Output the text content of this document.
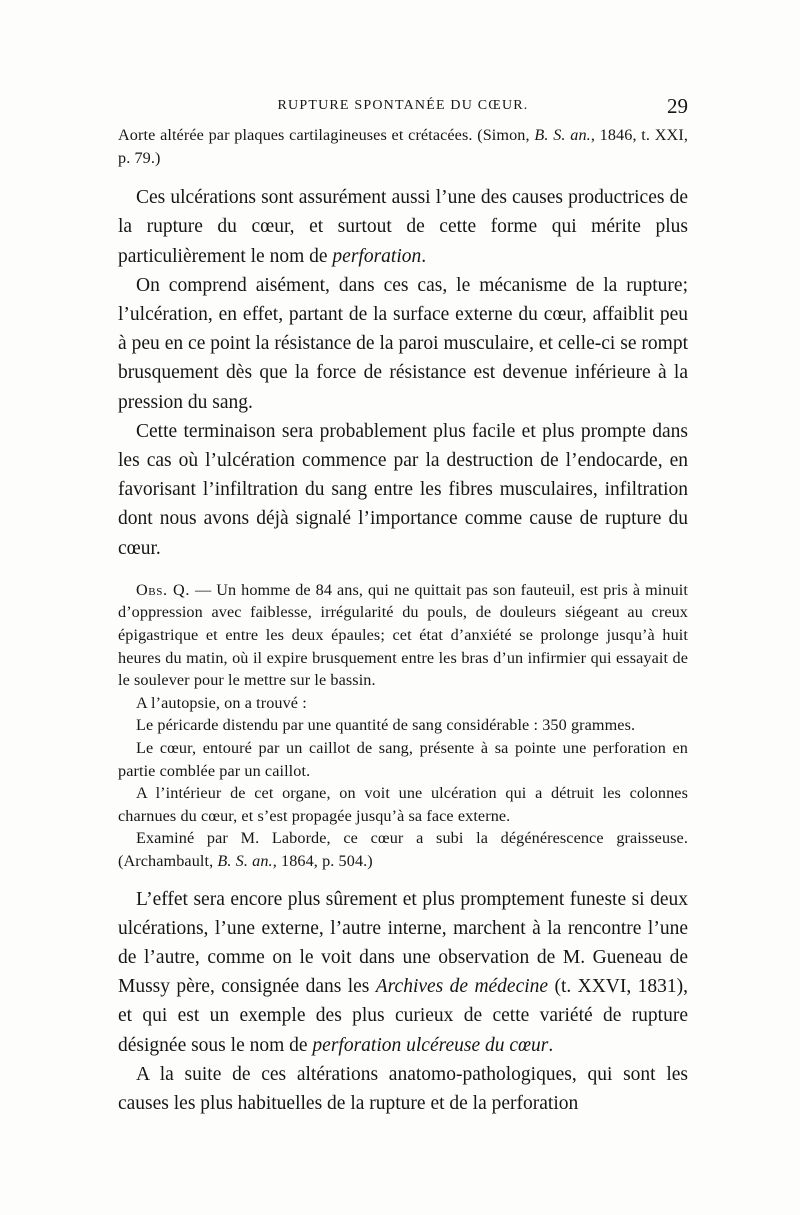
RUPTURE SPONTANÉE DU CŒUR.	29

Aorte altérée par plaques cartilagineuses et crétacées. (Simon, B. S. an., 1846, t. XXI, p. 79.)

Ces ulcérations sont assurément aussi l’une des causes productrices de la rupture du cœur, et surtout de cette forme qui mérite plus particulièrement le nom de perforation.

On comprend aisément, dans ces cas, le mécanisme de la rupture; l’ulcération, en effet, partant de la surface externe du cœur, affaiblit peu à peu en ce point la résistance de la paroi musculaire, et celle-ci se rompt brusquement dès que la force de résistance est devenue inférieure à la pression du sang.

Cette terminaison sera probablement plus facile et plus prompte dans les cas où l’ulcération commence par la destruction de l’endocarde, en favorisant l’infiltration du sang entre les fibres musculaires, infiltration dont nous avons déjà signalé l’importance comme cause de rupture du cœur.

Obs. Q. — Un homme de 84 ans, qui ne quittait pas son fauteuil, est pris à minuit d’oppression avec faiblesse, irrégularité du pouls, de douleurs siégeant au creux épigastrique et entre les deux épaules; cet état d’anxiété se prolonge jusqu’à huit heures du matin, où il expire brusquement entre les bras d’un infirmier qui essayait de le soulever pour le mettre sur le bassin.

A l’autopsie, on a trouvé :

Le péricarde distendu par une quantité de sang considérable : 350 grammes.

Le cœur, entouré par un caillot de sang, présente à sa pointe une perforation en partie comblée par un caillot.

A l’intérieur de cet organe, on voit une ulcération qui a détruit les colonnes charnues du cœur, et s’est propagée jusqu’à sa face externe.

Examiné par M. Laborde, ce cœur a subi la dégénérescence graisseuse. (Archambault, B. S. an., 1864, p. 504.)

L’effet sera encore plus sûrement et plus promptement funeste si deux ulcérations, l’une externe, l’autre interne, marchent à la rencontre l’une de l’autre, comme on le voit dans une observation de M. Gueneau de Mussy père, consignée dans les Archives de médecine (t. XXVI, 1831), et qui est un exemple des plus curieux de cette variété de rupture désignée sous le nom de perforation ulcéreuse du cœur.

A la suite de ces altérations anatomo-pathologiques, qui sont les causes les plus habituelles de la rupture et de la perforation
